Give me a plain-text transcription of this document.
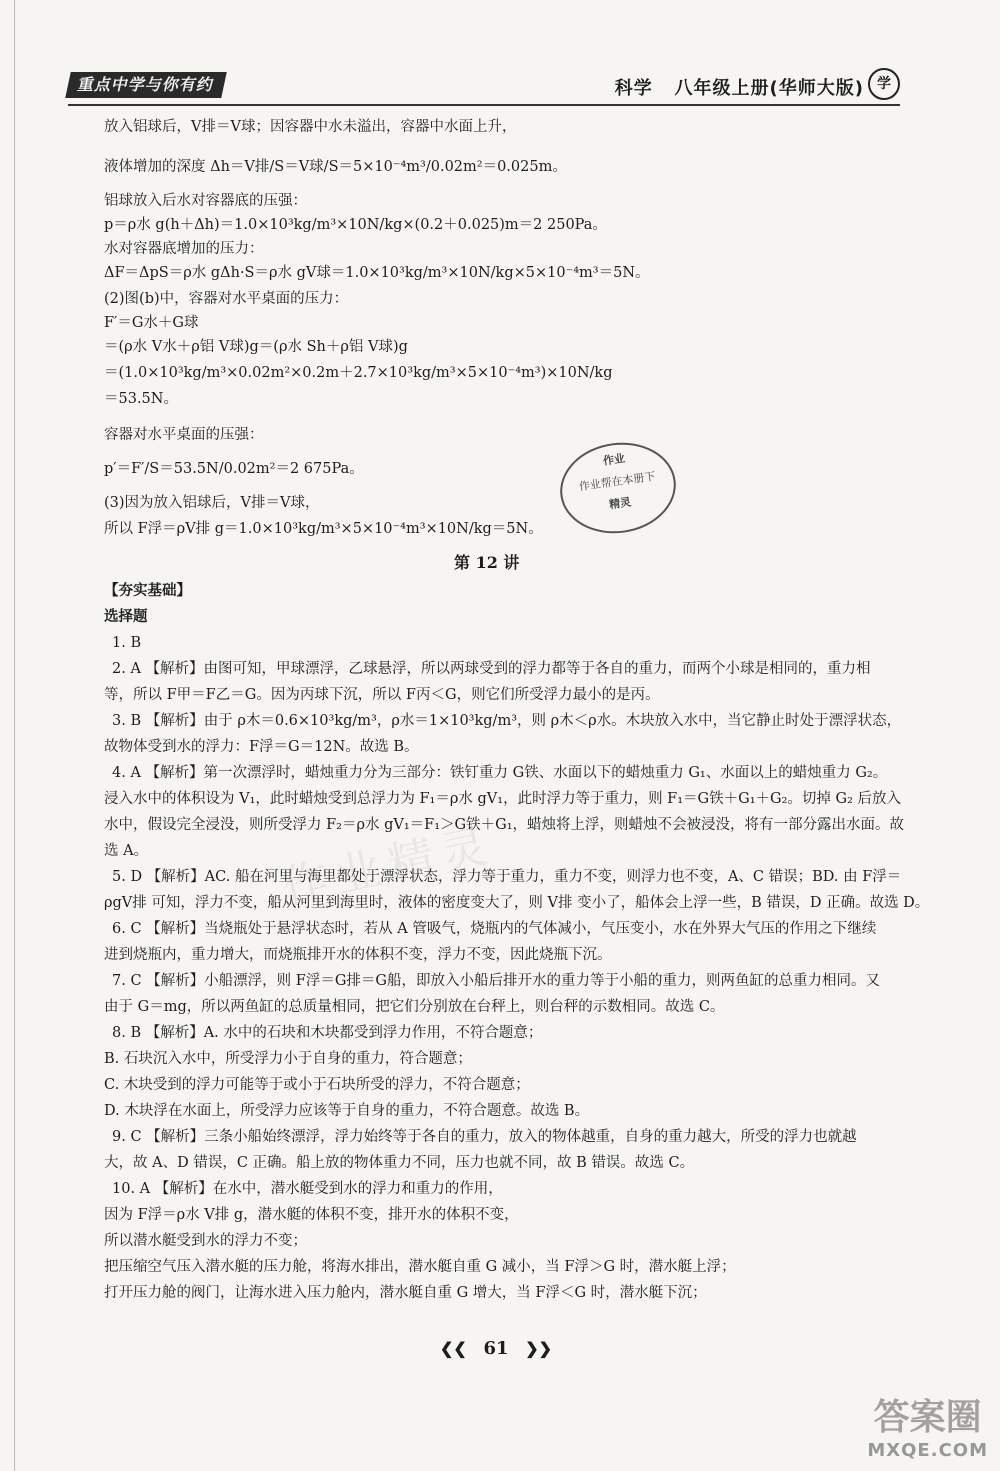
重点中学与你有约	科学 八年级上册(华师大版) 学
放入铝球后，V排＝V球；因容器中水未溢出，容器中水面上升，
液体增加的深度 Δh＝V排/S＝V球/S＝5×10⁻⁴m³/0.02m²＝0.025m。
铝球放入后水对容器底的压强：
p＝ρ水 g(h＋Δh)＝1.0×10³kg/m³×10N/kg×(0.2＋0.025)m＝2 250Pa。
水对容器底增加的压力：
ΔF＝ΔpS＝ρ水 gΔh·S＝ρ水 gV球＝1.0×10³kg/m³×10N/kg×5×10⁻⁴m³＝5N。
(2)图(b)中，容器对水平桌面的压力：
F′＝G水＋G球
＝(ρ水 V水＋ρ铝 V球)g＝(ρ水 Sh＋ρ铝 V球)g
＝(1.0×10³kg/m³×0.02m²×0.2m＋2.7×10³kg/m³×5×10⁻⁴m³)×10N/kg
＝53.5N。
容器对水平桌面的压强：
p′＝F′/S＝53.5N/0.02m²＝2 675Pa。
(3)因为放入铝球后，V排＝V球，
所以 F浮＝ρV排 g＝1.0×10³kg/m³×5×10⁻⁴m³×10N/kg＝5N。
第 12 讲
【夯实基础】
选择题
1. B
2. A 【解析】由图可知，甲球漂浮，乙球悬浮，所以两球受到的浮力都等于各自的重力，而两个小球是相同的，重力相
等，所以 F甲＝F乙＝G。因为丙球下沉，所以 F丙＜G，则它们所受浮力最小的是丙。
3. B 【解析】由于 ρ木＝0.6×10³kg/m³，ρ水＝1×10³kg/m³，则 ρ木＜ρ水。木块放入水中，当它静止时处于漂浮状态，
故物体受到水的浮力：F浮＝G＝12N。故选 B。
4. A 【解析】第一次漂浮时，蜡烛重力分为三部分：铁钉重力 G铁、水面以下的蜡烛重力 G₁、水面以上的蜡烛重力 G₂。
浸入水中的体积设为 V₁，此时蜡烛受到总浮力为 F₁＝ρ水 gV₁，此时浮力等于重力，则 F₁＝G铁＋G₁＋G₂。切掉 G₂ 后放入
水中，假设完全浸没，则所受浮力 F₂＝ρ水 gV₁＝F₁＞G铁＋G₁，蜡烛将上浮，则蜡烛不会被浸没，将有一部分露出水面。故
选 A。
5. D 【解析】AC. 船在河里与海里都处于漂浮状态，浮力等于重力，重力不变，则浮力也不变，A、C 错误；BD. 由 F浮＝
ρgV排 可知，浮力不变，船从河里到海里时，液体的密度变大了，则 V排 变小了，船体会上浮一些，B 错误，D 正确。故选 D。
6. C 【解析】当烧瓶处于悬浮状态时，若从 A 管吸气，烧瓶内的气体减小，气压变小，水在外界大气压的作用之下继续
进到烧瓶内，重力增大，而烧瓶排开水的体积不变，浮力不变，因此烧瓶下沉。
7. C 【解析】小船漂浮，则 F浮＝G排＝G船，即放入小船后排开水的重力等于小船的重力，则两鱼缸的总重力相同。又
由于 G＝mg，所以两鱼缸的总质量相同，把它们分别放在台秤上，则台秤的示数相同。故选 C。
8. B 【解析】A. 水中的石块和木块都受到浮力作用，不符合题意；
B. 石块沉入水中，所受浮力小于自身的重力，符合题意；
C. 木块受到的浮力可能等于或小于石块所受的浮力，不符合题意；
D. 木块浮在水面上，所受浮力应该等于自身的重力，不符合题意。故选 B。
9. C 【解析】三条小船始终漂浮，浮力始终等于各自的重力，放入的物体越重，自身的重力越大，所受的浮力也就越
大，故 A、D 错误，C 正确。船上放的物体重力不同，压力也就不同，故 B 错误。故选 C。
10. A 【解析】在水中，潜水艇受到水的浮力和重力的作用，
因为 F浮＝ρ水 V排 g，潜水艇的体积不变，排开水的体积不变，
所以潜水艇受到水的浮力不变；
把压缩空气压入潜水艇的压力舱，将海水排出，潜水艇自重 G 减小，当 F浮＞G 时，潜水艇上浮；
打开压力舱的阀门，让海水进入压力舱内，潜水艇自重 G 增大，当 F浮＜G 时，潜水艇下沉；
作业
作业帮在本册下
精灵
作业精灵
❮❮ 61 ❯❯
答案圈
MXQE.COM
